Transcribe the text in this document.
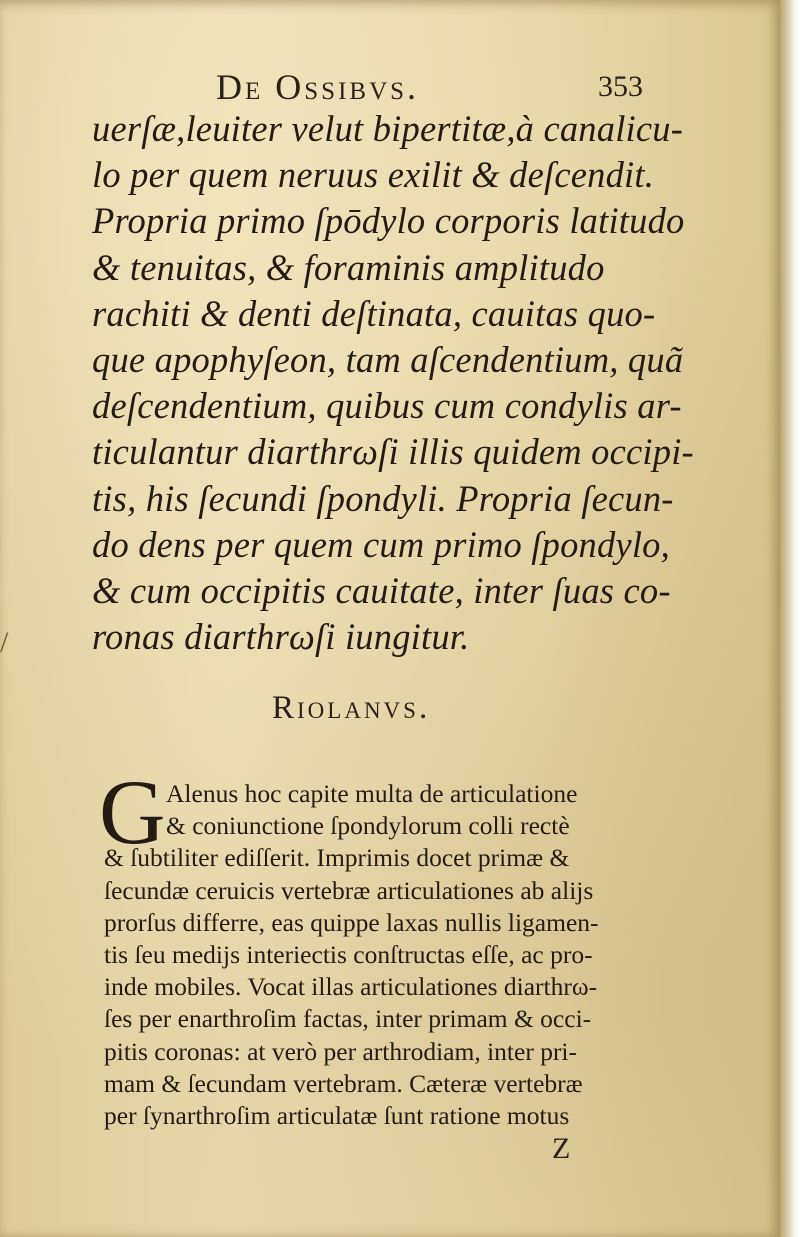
De Ossibvs.	353
uerſæ,leuiter velut bipertitæ,à canalicu-
lo per quem neruus exilit & deſcendit.
Propria primo ſpōdylo corporis latitudo
& tenuitas, & foraminis amplitudo
rachiti & denti deſtinata, cauitas quo-
que apophyſeon, tam aſcendentium, quã
deſcendentium, quibus cum condylis ar-
ticulantur diarthrωſi illis quidem occipi-
tis, his ſecundi ſpondyli. Propria ſecun-
do dens per quem cum primo ſpondylo,
& cum occipitis cauitate, inter ſuas co-
ronas diarthrωſi iungitur.
/
Riolanvs.
G Alenus hoc capite multa de articulatione
& coniunctione ſpondylorum colli rectè
& ſubtiliter ediſſerit. Imprimis docet primæ &
ſecundæ ceruicis vertebræ articulationes ab alijs
prorſus differre, eas quippe laxas nullis ligamen-
tis ſeu medijs interiectis conſtructas eſſe, ac pro-
inde mobiles. Vocat illas articulationes diarthrω-
ſes per enarthroſim factas, inter primam & occi-
pitis coronas: at verò per arthrodiam, inter pri-
mam & ſecundam vertebram. Cæteræ vertebræ
per ſynarthroſim articulatæ ſunt ratione motus
Z
